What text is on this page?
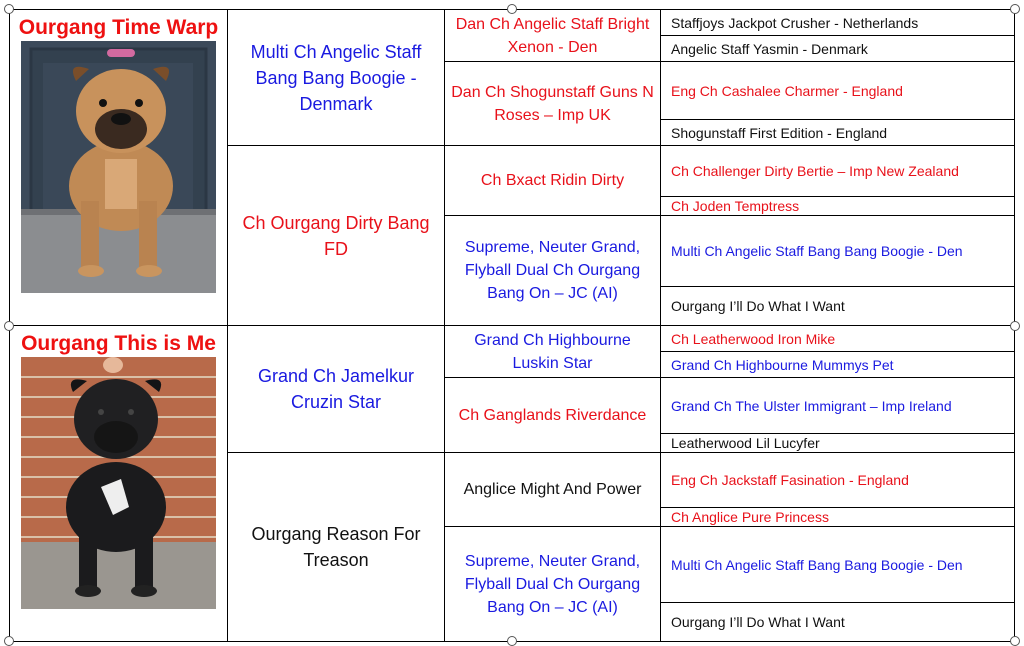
Ourgang Time Warp	Multi Ch Angelic Staff Bang Bang Boogie - Denmark	Dan Ch Angelic Staff Bright Xenon - Den	Staffjoys Jackpot Crusher - Netherlands
			Angelic Staff Yasmin - Denmark
		Dan Ch Shogunstaff Guns N Roses – Imp UK	Eng Ch Cashalee Charmer - England
			Shogunstaff First Edition - England
	Ch Ourgang Dirty Bang FD	Ch Bxact Ridin Dirty	Ch Challenger Dirty Bertie – Imp New Zealand
			Ch Joden Temptress
		Supreme, Neuter Grand, Flyball Dual Ch Ourgang Bang On – JC (AI)	Multi Ch Angelic Staff Bang Bang Boogie - Den
			Ourgang I’ll Do What I Want

Ourgang This is Me	Grand Ch Jamelkur Cruzin Star	Grand Ch Highbourne Luskin Star	Ch Leatherwood Iron Mike
			Grand Ch Highbourne Mummys Pet
		Ch Ganglands Riverdance	Grand Ch The Ulster Immigrant – Imp Ireland
			Leatherwood Lil Lucyfer
	Ourgang Reason For Treason	Anglice Might And Power	Eng Ch Jackstaff Fasination - England
			Ch Anglice Pure Princess
		Supreme, Neuter Grand, Flyball Dual Ch Ourgang Bang On – JC (AI)	Multi Ch Angelic Staff Bang Bang Boogie - Den
			Ourgang I’ll Do What I Want
